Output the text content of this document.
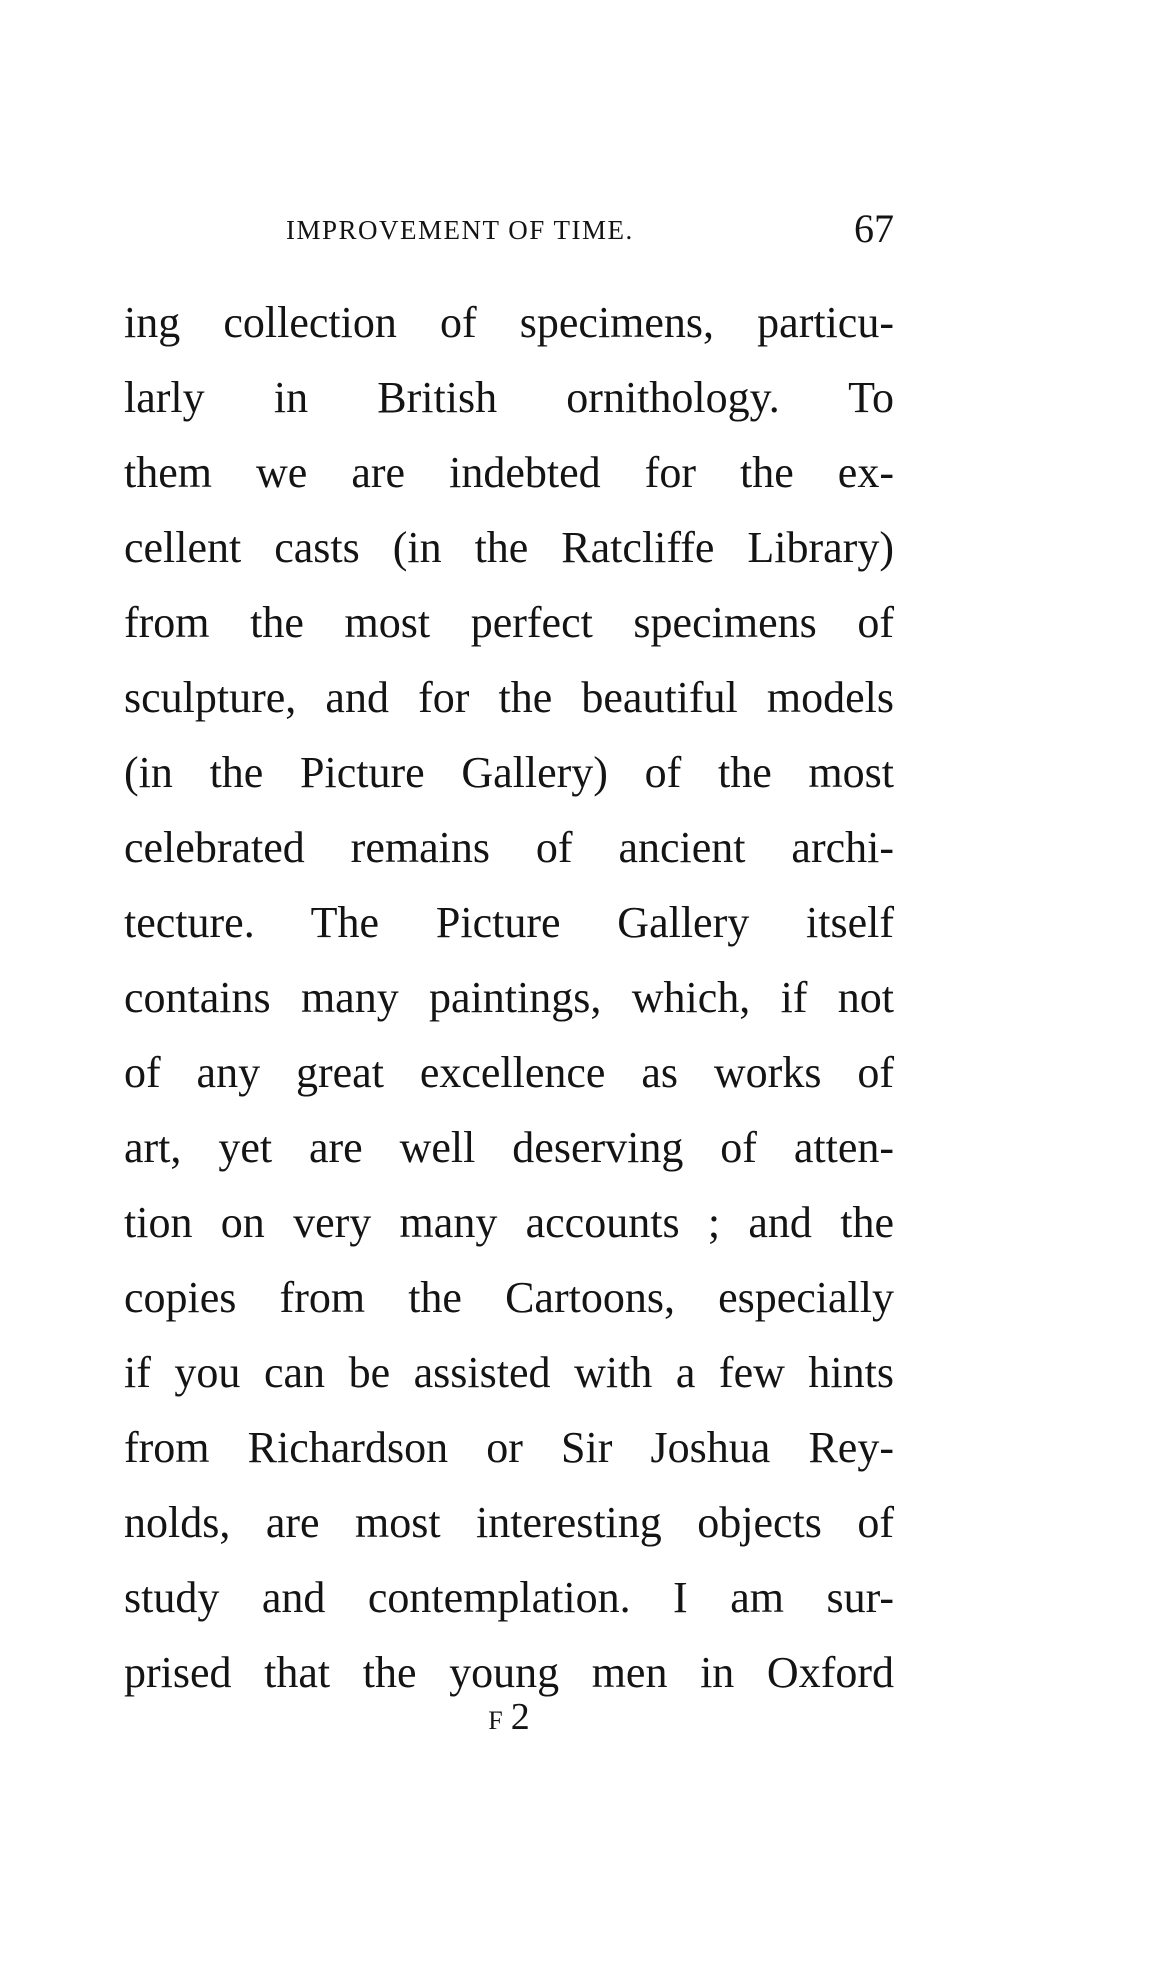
IMPROVEMENT OF TIME.	67
ing collection of specimens, particu-
larly in British ornithology. To
them we are indebted for the ex-
cellent casts (in the Ratcliffe Library)
from the most perfect specimens of
sculpture, and for the beautiful models
(in the Picture Gallery) of the most
celebrated remains of ancient archi-
tecture. The Picture Gallery itself
contains many paintings, which, if not
of any great excellence as works of
art, yet are well deserving of atten-
tion on very many accounts ; and the
copies from the Cartoons, especially
if you can be assisted with a few hints
from Richardson or Sir Joshua Rey-
nolds, are most interesting objects of
study and contemplation. I am sur-
prised that the young men in Oxford
F 2
